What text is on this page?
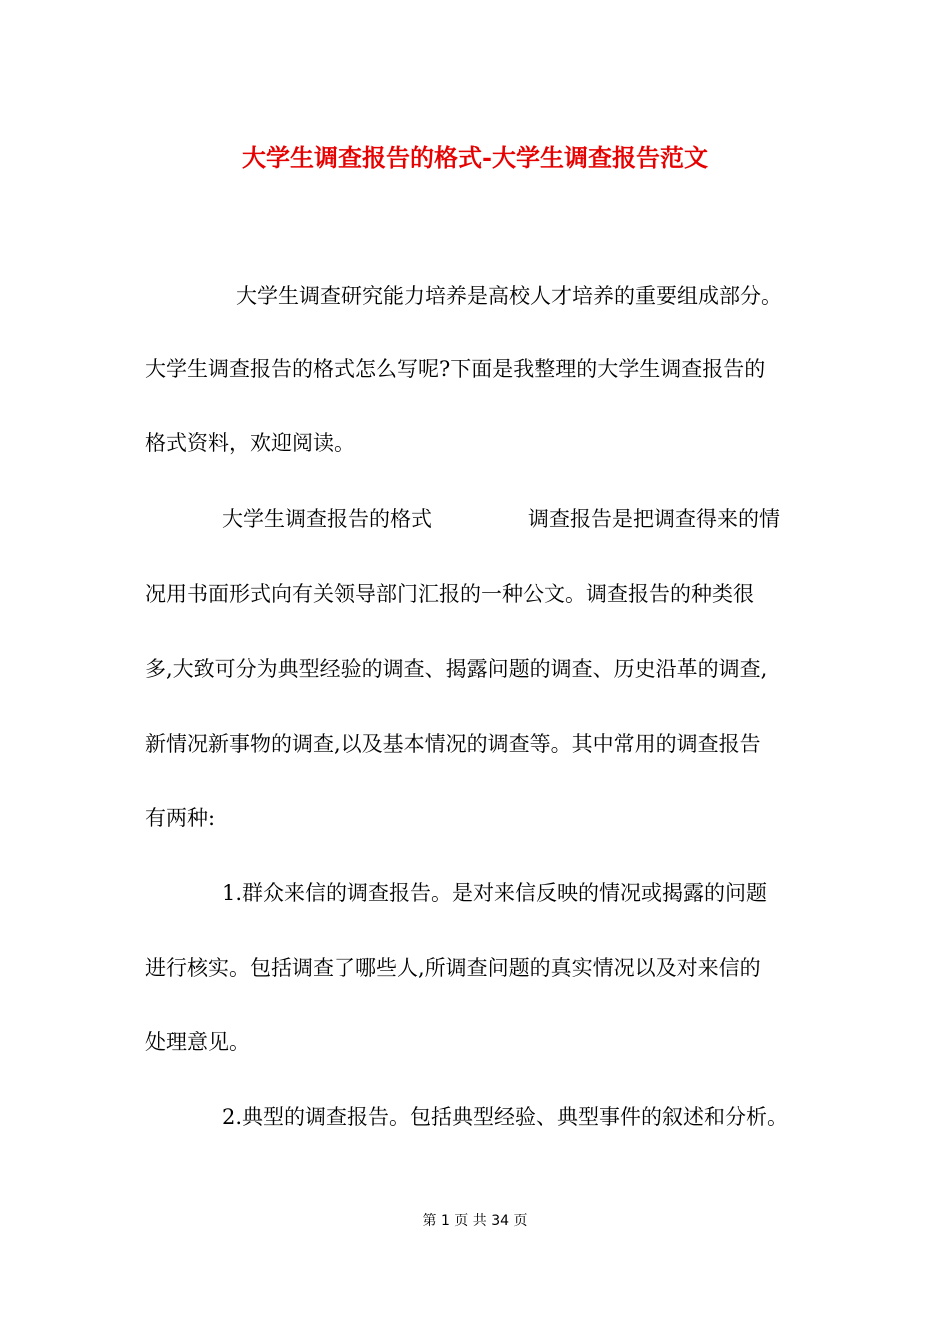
大学生调查报告的格式-大学生调查报告范文
大学生调查研究能力培养是高校人才培养的重要组成部分。
大学生调查报告的格式怎么写呢?下面是我整理的大学生调查报告的
格式资料，欢迎阅读。
大学生调查报告的格式	调查报告是把调查得来的情
况用书面形式向有关领导部门汇报的一种公文。调查报告的种类很
多,大致可分为典型经验的调查、揭露问题的调查、历史沿革的调查,
新情况新事物的调查,以及基本情况的调查等。其中常用的调查报告
有两种:
1.群众来信的调查报告。是对来信反映的情况或揭露的问题
进行核实。包括调查了哪些人,所调查问题的真实情况以及对来信的
处理意见。
2.典型的调查报告。包括典型经验、典型事件的叙述和分析。
第 1 页 共 34 页
